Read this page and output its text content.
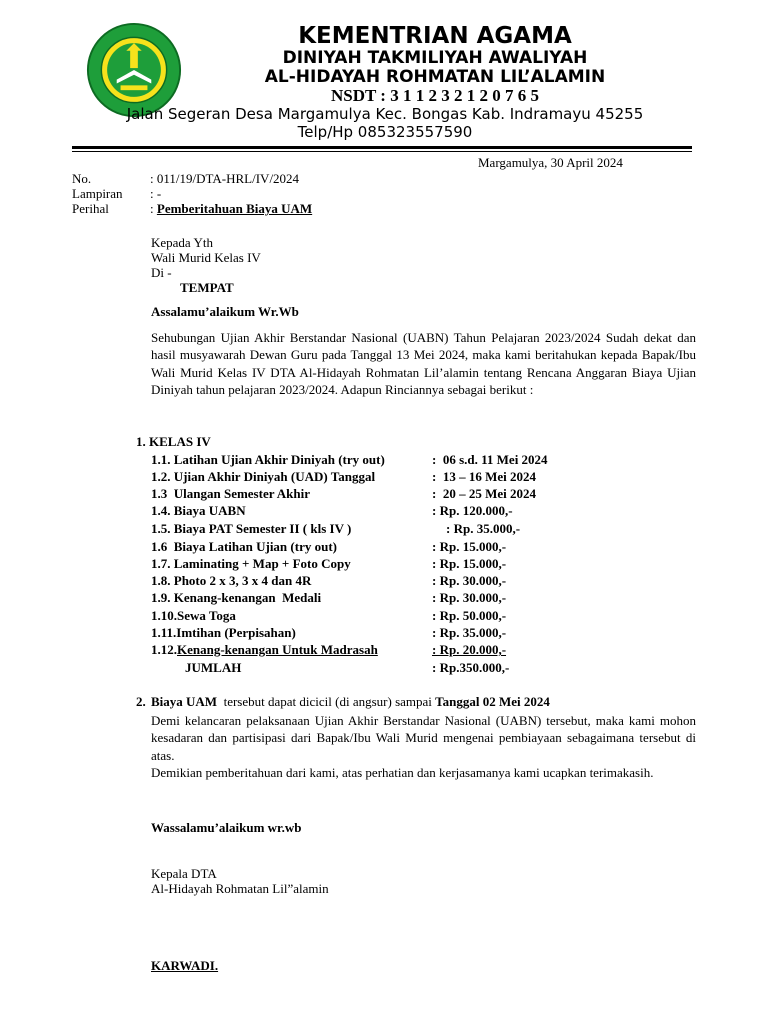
KEMENTRIAN AGAMA
DINIYAH TAKMILIYAH AWALIYAH
AL-HIDAYAH ROHMATAN LIL’ALAMIN
NSDT : 3 1 1 2 3 2 1 2 0 7 6 5
Jalan Segeran Desa Margamulya Kec. Bongas Kab. Indramayu 45255
Telp/Hp 085323557590
Margamulya, 30 April 2024
No.	: 011/19/DTA-HRL/IV/2024
Lampiran : -
Perihal	: Pemberitahuan Biaya UAM
Kepada Yth
Wali Murid Kelas IV
Di -
TEMPAT
Assalamu’alaikum Wr.Wb
Sehubungan Ujian Akhir Berstandar Nasional (UABN) Tahun Pelajaran 2023/2024 Sudah dekat dan hasil musyawarah Dewan Guru pada Tanggal 13 Mei 2024, maka kami beritahukan kepada Bapak/Ibu Wali Murid Kelas IV DTA Al-Hidayah Rohmatan Lil’alamin tentang Rencana Anggaran Biaya Ujian Diniyah tahun pelajaran 2023/2024. Adapun Rinciannya sebagai berikut :
1. KELAS IV
1.1. Latihan Ujian Akhir Diniyah (try out)	:  06 s.d. 11 Mei 2024
1.2. Ujian Akhir Diniyah (UAD) Tanggal	:  13 – 16 Mei 2024
1.3  Ulangan Semester Akhir	:  20 – 25 Mei 2024
1.4. Biaya UABN	: Rp. 120.000,-
1.5. Biaya PAT Semester II ( kls IV )	: Rp. 35.000,-
1.6  Biaya Latihan Ujian (try out)	: Rp. 15.000,-
1.7. Laminating + Map + Foto Copy	: Rp. 15.000,-
1.8. Photo 2 x 3, 3 x 4 dan 4R	: Rp. 30.000,-
1.9. Kenang-kenangan  Medali	: Rp. 30.000,-
1.10.Sewa Toga	: Rp. 50.000,-
1.11.Imtihan (Perpisahan)	: Rp. 35.000,-
1.12.Kenang-kenangan Untuk Madrasah	: Rp. 20.000,-
JUMLAH	: Rp.350.000,-
2. Biaya UAM  tersebut dapat dicicil (di angsur) sampai Tanggal 02 Mei 2024
Demi kelancaran pelaksanaan Ujian Akhir Berstandar Nasional (UABN) tersebut, maka kami mohon kesadaran dan partisipasi dari Bapak/Ibu Wali Murid mengenai pembiayaan sebagaimana tersebut di atas.
Demikian pemberitahuan dari kami, atas perhatian dan kerjasamanya kami ucapkan terimakasih.
Wassalamu’alaikum wr.wb
Kepala DTA
Al-Hidayah Rohmatan Lil”alamin
KARWADI.
